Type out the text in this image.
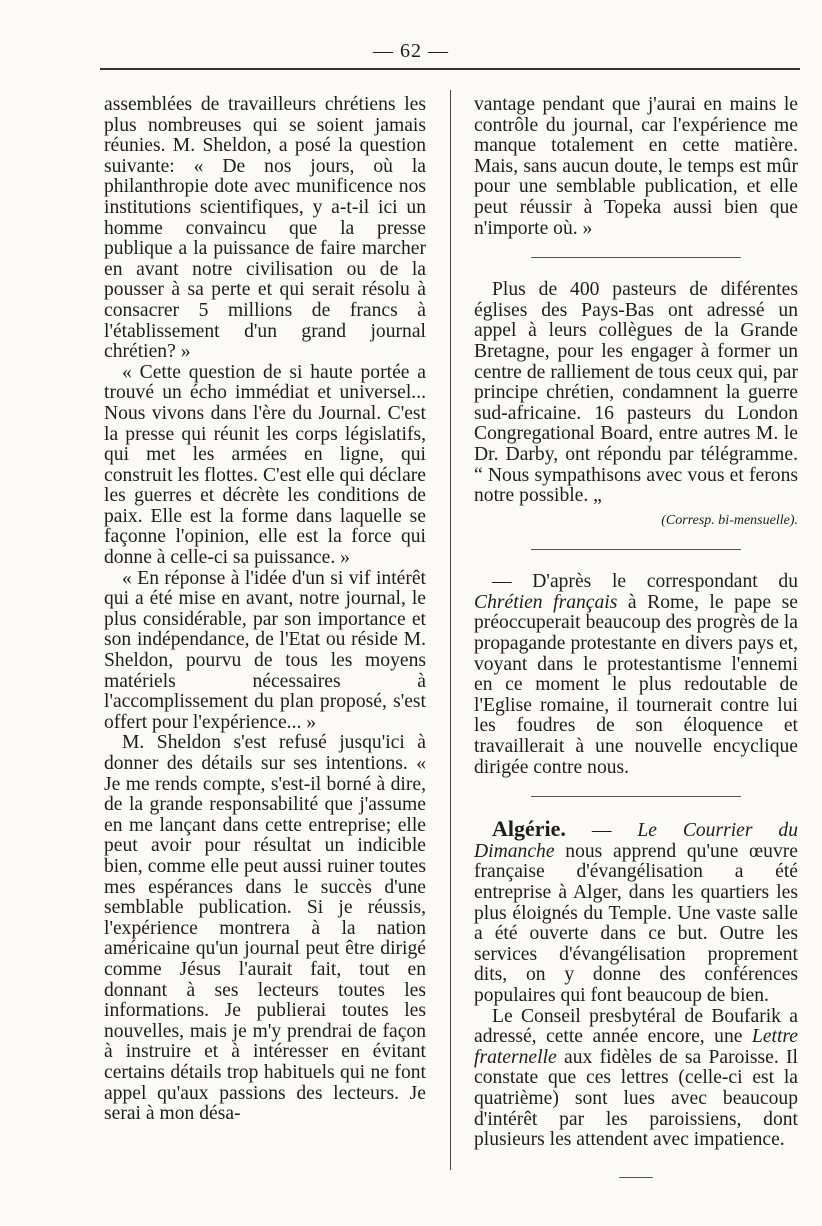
— 62 —

assemblées de travailleurs chrétiens les plus nombreuses qui se soient jamais réunies. M. Sheldon, a posé la question suivante: « De nos jours, où la philanthropie dote avec munificence nos institutions scientifiques, y a-t-il ici un homme convaincu que la presse publique a la puissance de faire marcher en avant notre civilisation ou de la pousser à sa perte et qui serait résolu à consacrer 5 millions de francs à l'établissement d'un grand journal chrétien? »

« Cette question de si haute portée a trouvé un écho immédiat et universel... Nous vivons dans l'ère du Journal. C'est la presse qui réunit les corps législatifs, qui met les armées en ligne, qui construit les flottes. C'est elle qui déclare les guerres et décrète les conditions de paix. Elle est la forme dans laquelle se façonne l'opinion, elle est la force qui donne à celle-ci sa puissance. »

« En réponse à l'idée d'un si vif intérêt qui a été mise en avant, notre journal, le plus considérable, par son importance et son indépendance, de l'Etat ou réside M. Sheldon, pourvu de tous les moyens matériels nécessaires à l'accomplissement du plan proposé, s'est offert pour l'expérience... »

M. Sheldon s'est refusé jusqu'ici à donner des détails sur ses intentions. « Je me rends compte, s'est-il borné à dire, de la grande responsabilité que j'assume en me lançant dans cette entreprise; elle peut avoir pour résultat un indicible bien, comme elle peut aussi ruiner toutes mes espérances dans le succès d'une semblable publication. Si je réussis, l'expérience montrera à la nation américaine qu'un journal peut être dirigé comme Jésus l'aurait fait, tout en donnant à ses lecteurs toutes les informations. Je publierai toutes les nouvelles, mais je m'y prendrai de façon à instruire et à intéresser en évitant certains détails trop habituels qui ne font appel qu'aux passions des lecteurs. Je serai à mon désa-

vantage pendant que j'aurai en mains le contrôle du journal, car l'expérience me manque totalement en cette matière. Mais, sans aucun doute, le temps est mûr pour une semblable publication, et elle peut réussir à Topeka aussi bien que n'importe où. »

Plus de 400 pasteurs de diférentes églises des Pays-Bas ont adressé un appel à leurs collègues de la Grande Bretagne, pour les engager à former un centre de ralliement de tous ceux qui, par principe chrétien, condamnent la guerre sud-africaine. 16 pasteurs du London Congregational Board, entre autres M. le Dr. Darby, ont répondu par télégramme. “ Nous sympathisons avec vous et ferons notre possible. „

(Corresp. bi-mensuelle).

— D'après le correspondant du Chrétien français à Rome, le pape se préoccuperait beaucoup des progrès de la propagande protestante en divers pays et, voyant dans le protestantisme l'ennemi en ce moment le plus redoutable de l'Eglise romaine, il tournerait contre lui les foudres de son éloquence et travaillerait à une nouvelle encyclique dirigée contre nous.

Algérie. — Le Courrier du Dimanche nous apprend qu'une œuvre française d'évangélisation a été entreprise à Alger, dans les quartiers les plus éloignés du Temple. Une vaste salle a été ouverte dans ce but. Outre les services d'évangélisation proprement dits, on y donne des conférences populaires qui font beaucoup de bien.

Le Conseil presbytéral de Boufarik a adressé, cette année encore, une Lettre fraternelle aux fidèles de sa Paroisse. Il constate que ces lettres (celle-ci est la quatrième) sont lues avec beaucoup d'intérêt par les paroissiens, dont plusieurs les attendent avec impatience.
